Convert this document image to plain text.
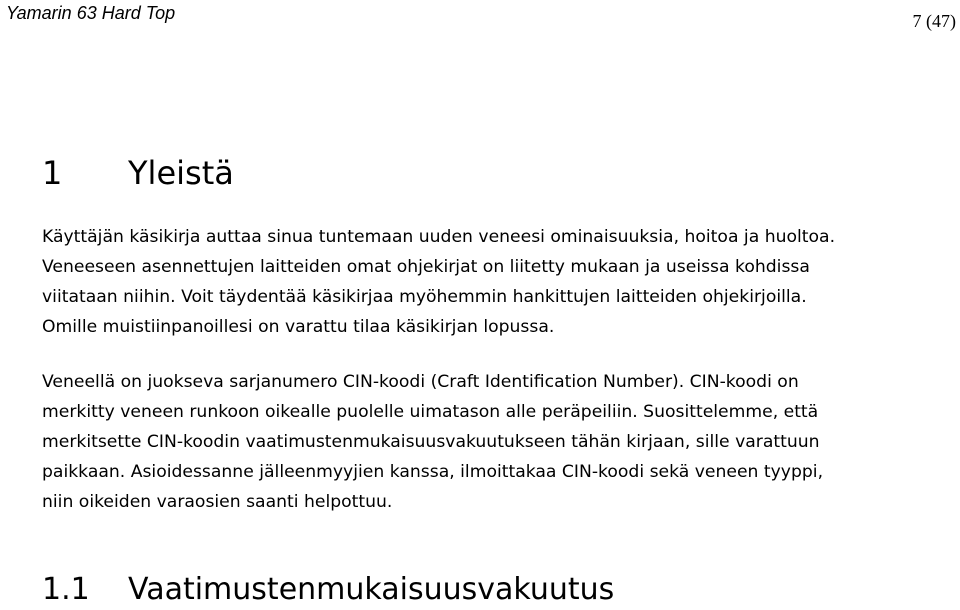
Yamarin 63 Hard Top	7 (47)
1	Yleistä
Käyttäjän käsikirja auttaa sinua tuntemaan uuden veneesi ominaisuuksia, hoitoa ja huoltoa.
Veneeseen asennettujen laitteiden omat ohjekirjat on liitetty mukaan ja useissa kohdissa
viitataan niihin. Voit täydentää käsikirjaa myöhemmin hankittujen laitteiden ohjekirjoilla.
Omille muistiinpanoillesi on varattu tilaa käsikirjan lopussa.
Veneellä on juokseva sarjanumero CIN-koodi (Craft Identification Number). CIN-koodi on
merkitty veneen runkoon oikealle puolelle uimatason alle peräpeiliin. Suosittelemme, että
merkitsette CIN-koodin vaatimustenmukaisuusvakuutukseen tähän kirjaan, sille varattuun
paikkaan. Asioidessanne jälleenmyyjien kanssa, ilmoittakaa CIN-koodi sekä veneen tyyppi,
niin oikeiden varaosien saanti helpottuu.
1.1	Vaatimustenmukaisuusvakuutus
